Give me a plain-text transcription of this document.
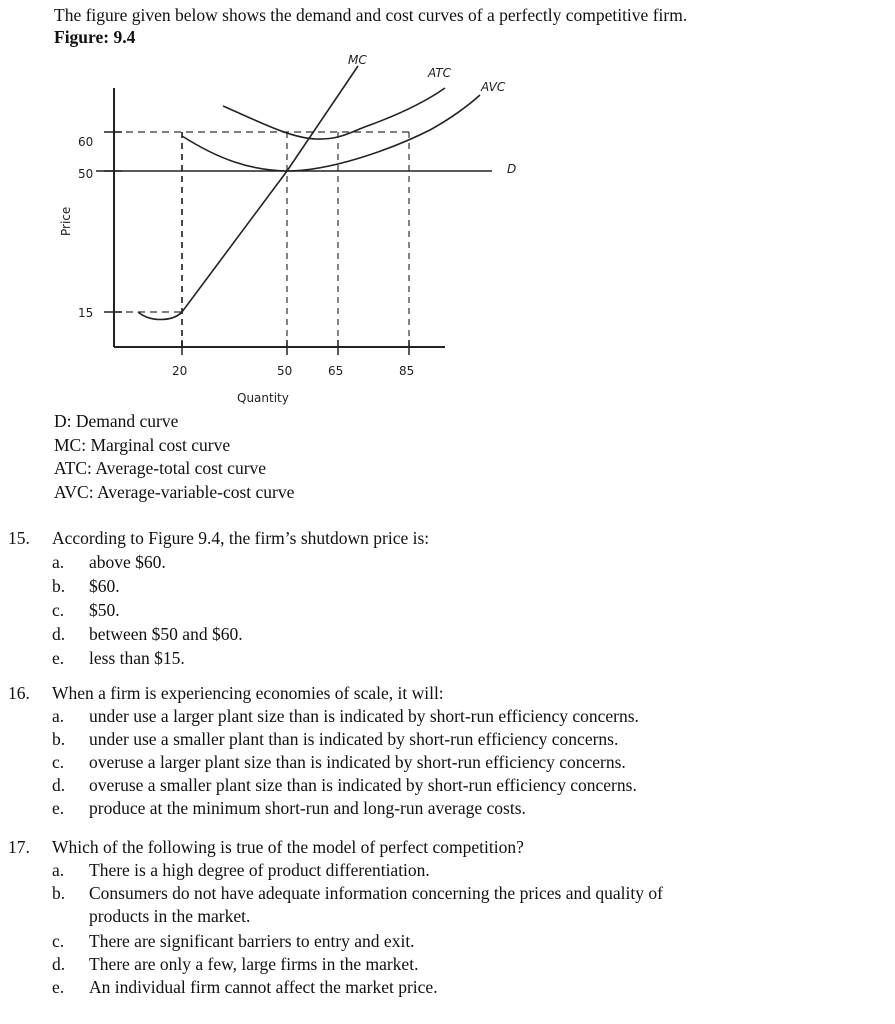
The figure given below shows the demand and cost curves of a perfectly competitive firm.
Figure: 9.4
60
50
15
20	50	65	85
Quantity
Price
MC
ATC
AVC
D
D: Demand curve
MC: Marginal cost curve
ATC: Average-total cost curve
AVC: Average-variable-cost curve
15. According to Figure 9.4, the firm’s shutdown price is:
a. above $60.
b. $60.
c. $50.
d. between $50 and $60.
e. less than $15.
16. When a firm is experiencing economies of scale, it will:
a. under use a larger plant size than is indicated by short-run efficiency concerns.
b. under use a smaller plant than is indicated by short-run efficiency concerns.
c. overuse a larger plant size than is indicated by short-run efficiency concerns.
d. overuse a smaller plant size than is indicated by short-run efficiency concerns.
e. produce at the minimum short-run and long-run average costs.
17. Which of the following is true of the model of perfect competition?
a. There is a high degree of product differentiation.
b. Consumers do not have adequate information concerning the prices and quality of
products in the market.
c. There are significant barriers to entry and exit.
d. There are only a few, large firms in the market.
e. An individual firm cannot affect the market price.
